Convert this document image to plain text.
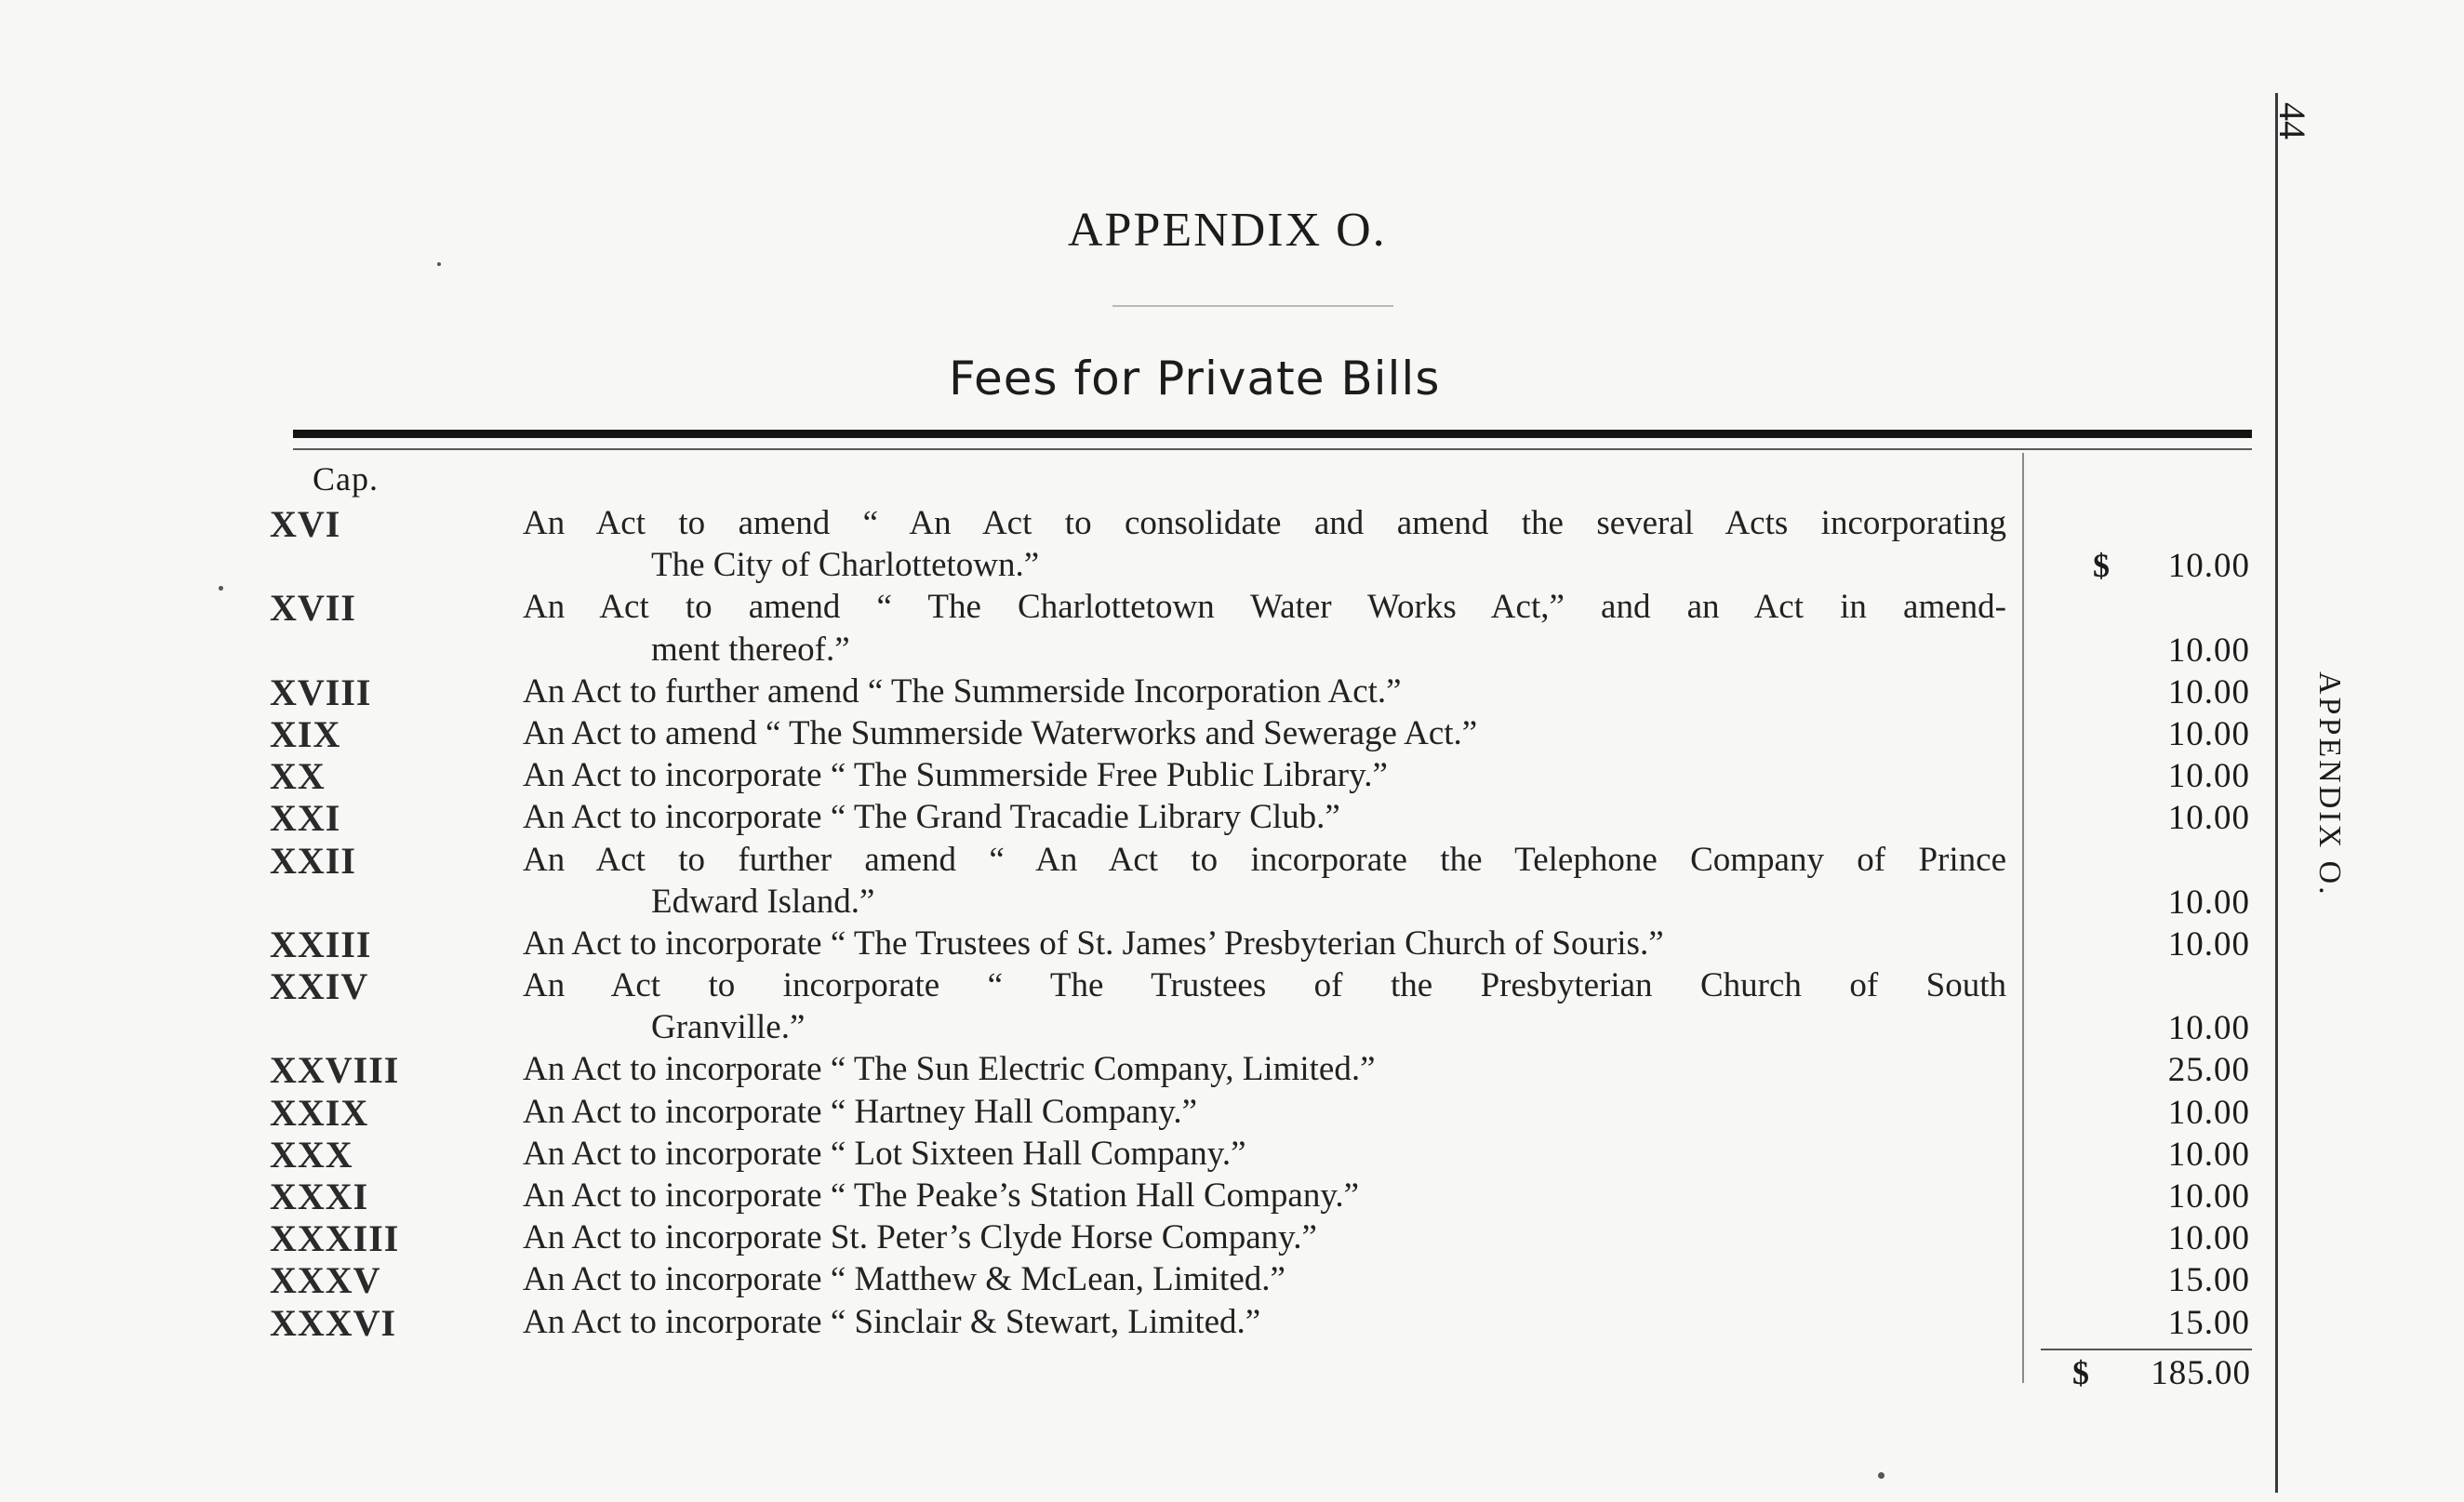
APPENDIX O.
Fees for Private Bills
44
APPENDIX O.
Cap.
XVI	An Act to amend “ An Act to consolidate and amend the several Acts incorporating
The City of Charlottetown.”	$	10.00
XVII	An Act to amend “ The Charlottetown Water Works Act,” and an Act in amend-
ment thereof.”	10.00
XVIII	An Act to further amend “ The Summerside Incorporation Act.”	10.00
XIX	An Act to amend “ The Summerside Waterworks and Sewerage Act.”	10.00
XX	An Act to incorporate “ The Summerside Free Public Library.”	10.00
XXI	An Act to incorporate “ The Grand Tracadie Library Club.”	10.00
XXII	An Act to further amend “ An Act to incorporate the Telephone Company of Prince
Edward Island.”	10.00
XXIII	An Act to incorporate “ The Trustees of St. James’ Presbyterian Church of Souris.”	10.00
XXIV	An Act to incorporate “ The Trustees of the Presbyterian Church of South
Granville.”	10.00
XXVIII	An Act to incorporate “ The Sun Electric Company, Limited.”	25.00
XXIX	An Act to incorporate “ Hartney Hall Company.”	10.00
XXX	An Act to incorporate “ Lot Sixteen Hall Company.”	10.00
XXXI	An Act to incorporate “ The Peake’s Station Hall Company.”	10.00
XXXIII	An Act to incorporate St. Peter’s Clyde Horse Company.”	10.00
XXXV	An Act to incorporate “ Matthew & McLean, Limited.”	15.00
XXXVI	An Act to incorporate “ Sinclair & Stewart, Limited.”	15.00
$	185.00
